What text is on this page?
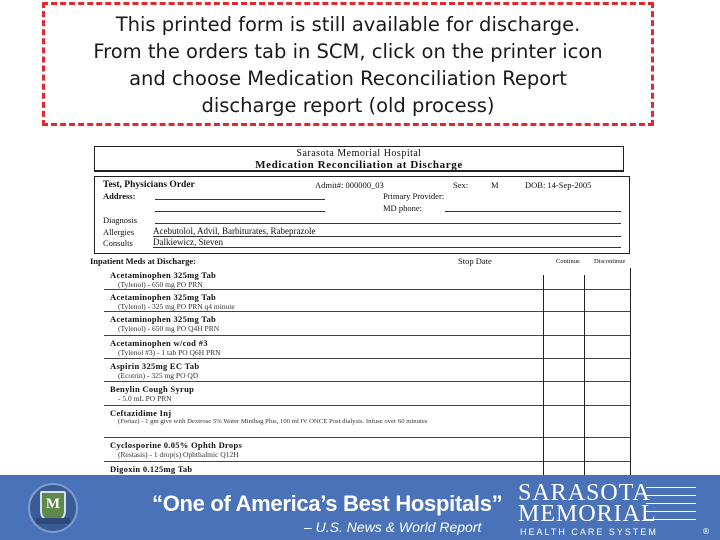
This printed form is still available for discharge.
From the orders tab in SCM, click on the printer icon
and choose Medication Reconciliation Report
discharge report (old process)
Sarasota Memorial Hospital
Medication Reconciliation at Discharge
Test, Physicians Order	Admit#: 000000_03	Sex:	M	DOB: 14-Sep-2005
Address:	Primary Provider:
MD phone:
Diagnosis
Allergies Acebutolol, Advil, Barbiturates, Rabeprazole
Consults Dalkiewicz, Steven
Inpatient Meds at Discharge:	Stop Date	Continue Discontinue
Acetaminophen 325mg Tab
(Tylenol) - 650 mg PO PRN
Acetaminophen 325mg Tab
(Tylenol) - 325 mg PO PRN q4 minute
Acetaminophen 325mg Tab
(Tylenol) - 650 mg PO Q4H PRN
Acetaminophen w/cod #3
(Tylenol #3) - 1 tab PO Q6H PRN
Aspirin 325mg EC Tab
(Ecotrin) - 325 mg PO QD
Benylin Cough Syrup
- 5.0 mL PO PRN
Ceftazidime Inj
(Fortaz) - 1 gm give with Dextrose 5% Water Minibag Plus, 100 ml IV ONCE Post dialysis. Infuse over 60 minutes
Cyclosporine 0.05% Ophth Drops
(Restasis) - 1 drop(s) Ophthalmic Q12H
Digoxin 0.125mg Tab
M	“One of America’s Best Hospitals”
– U.S. News & World Report
SARASOTA
MEMORIAL
HEALTH CARE SYSTEM	®
